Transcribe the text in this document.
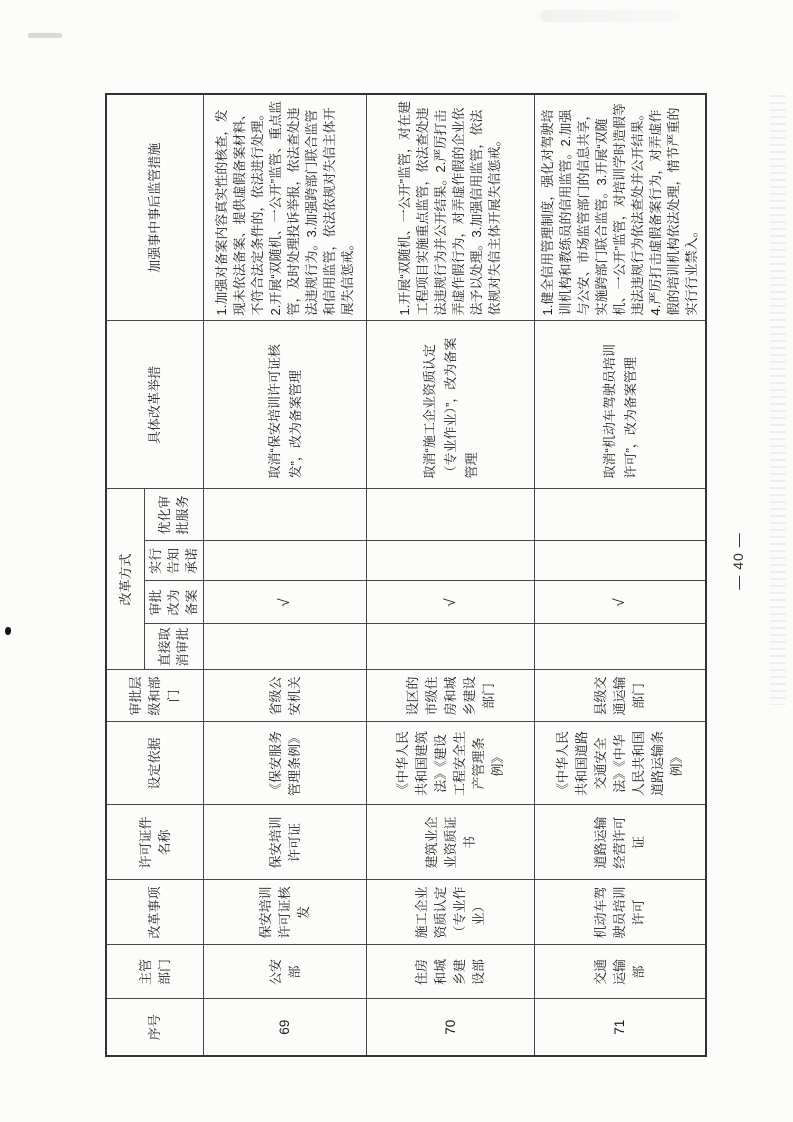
序号	主管部门	改革事项	许可证件名称	设定依据	审批层级和部门	改革方式				具体改革举措	加强事中事后监管措施
						直接取消审批	审批改为备案	实行告知承诺	优化审批服务		
69	公安部	保安培训许可证核发	保安培训许可证	《保安服务管理条例》	省级公安机关		√			取消“保安培训许可证核发”，改为备案管理	1.加强对备案内容真实性的核查，发现未依法备案、提供虚假备案材料、不符合法定条件的，依法进行处理。2.开展“双随机、一公开”监管、重点监管，及时处理投诉举报，依法查处违法违规行为。3.加强跨部门联合监管和信用监管，依法依规对失信主体开展失信惩戒。
70	住房和城乡建设部	施工企业资质认定（专业作业）	建筑业企业资质证书	《中华人民共和国建筑法》《建设工程安全生产管理条例》	设区的市级住房和城乡建设部门		√			取消“施工企业资质认定（专业作业）”，改为备案管理	1.开展“双随机、一公开”监管，对在建工程项目实施重点监管，依法查处违法违规行为并公开结果。2.严厉打击弄虚作假行为，对弄虚作假的企业依法予以处理。3.加强信用监管，依法依规对失信主体开展失信惩戒。
71	交通运输部	机动车驾驶员培训许可	道路运输经营许可证	《中华人民共和国道路交通安全法》《中华人民共和国道路运输条例》	县级交通运输部门		√			取消“机动车驾驶员培训许可”，改为备案管理	1.健全信用管理制度，强化对驾驶培训机构和教练员的信用监管。2.加强与公安、市场监管部门的信息共享，实施跨部门联合监管。3.开展“双随机、一公开”监管，对培训学时造假等违法违规行为依法查处并公开结果。4.严厉打击虚假备案行为，对弄虚作假的培训机构依法处理，情节严重的实行行业禁入。
— 40 —
